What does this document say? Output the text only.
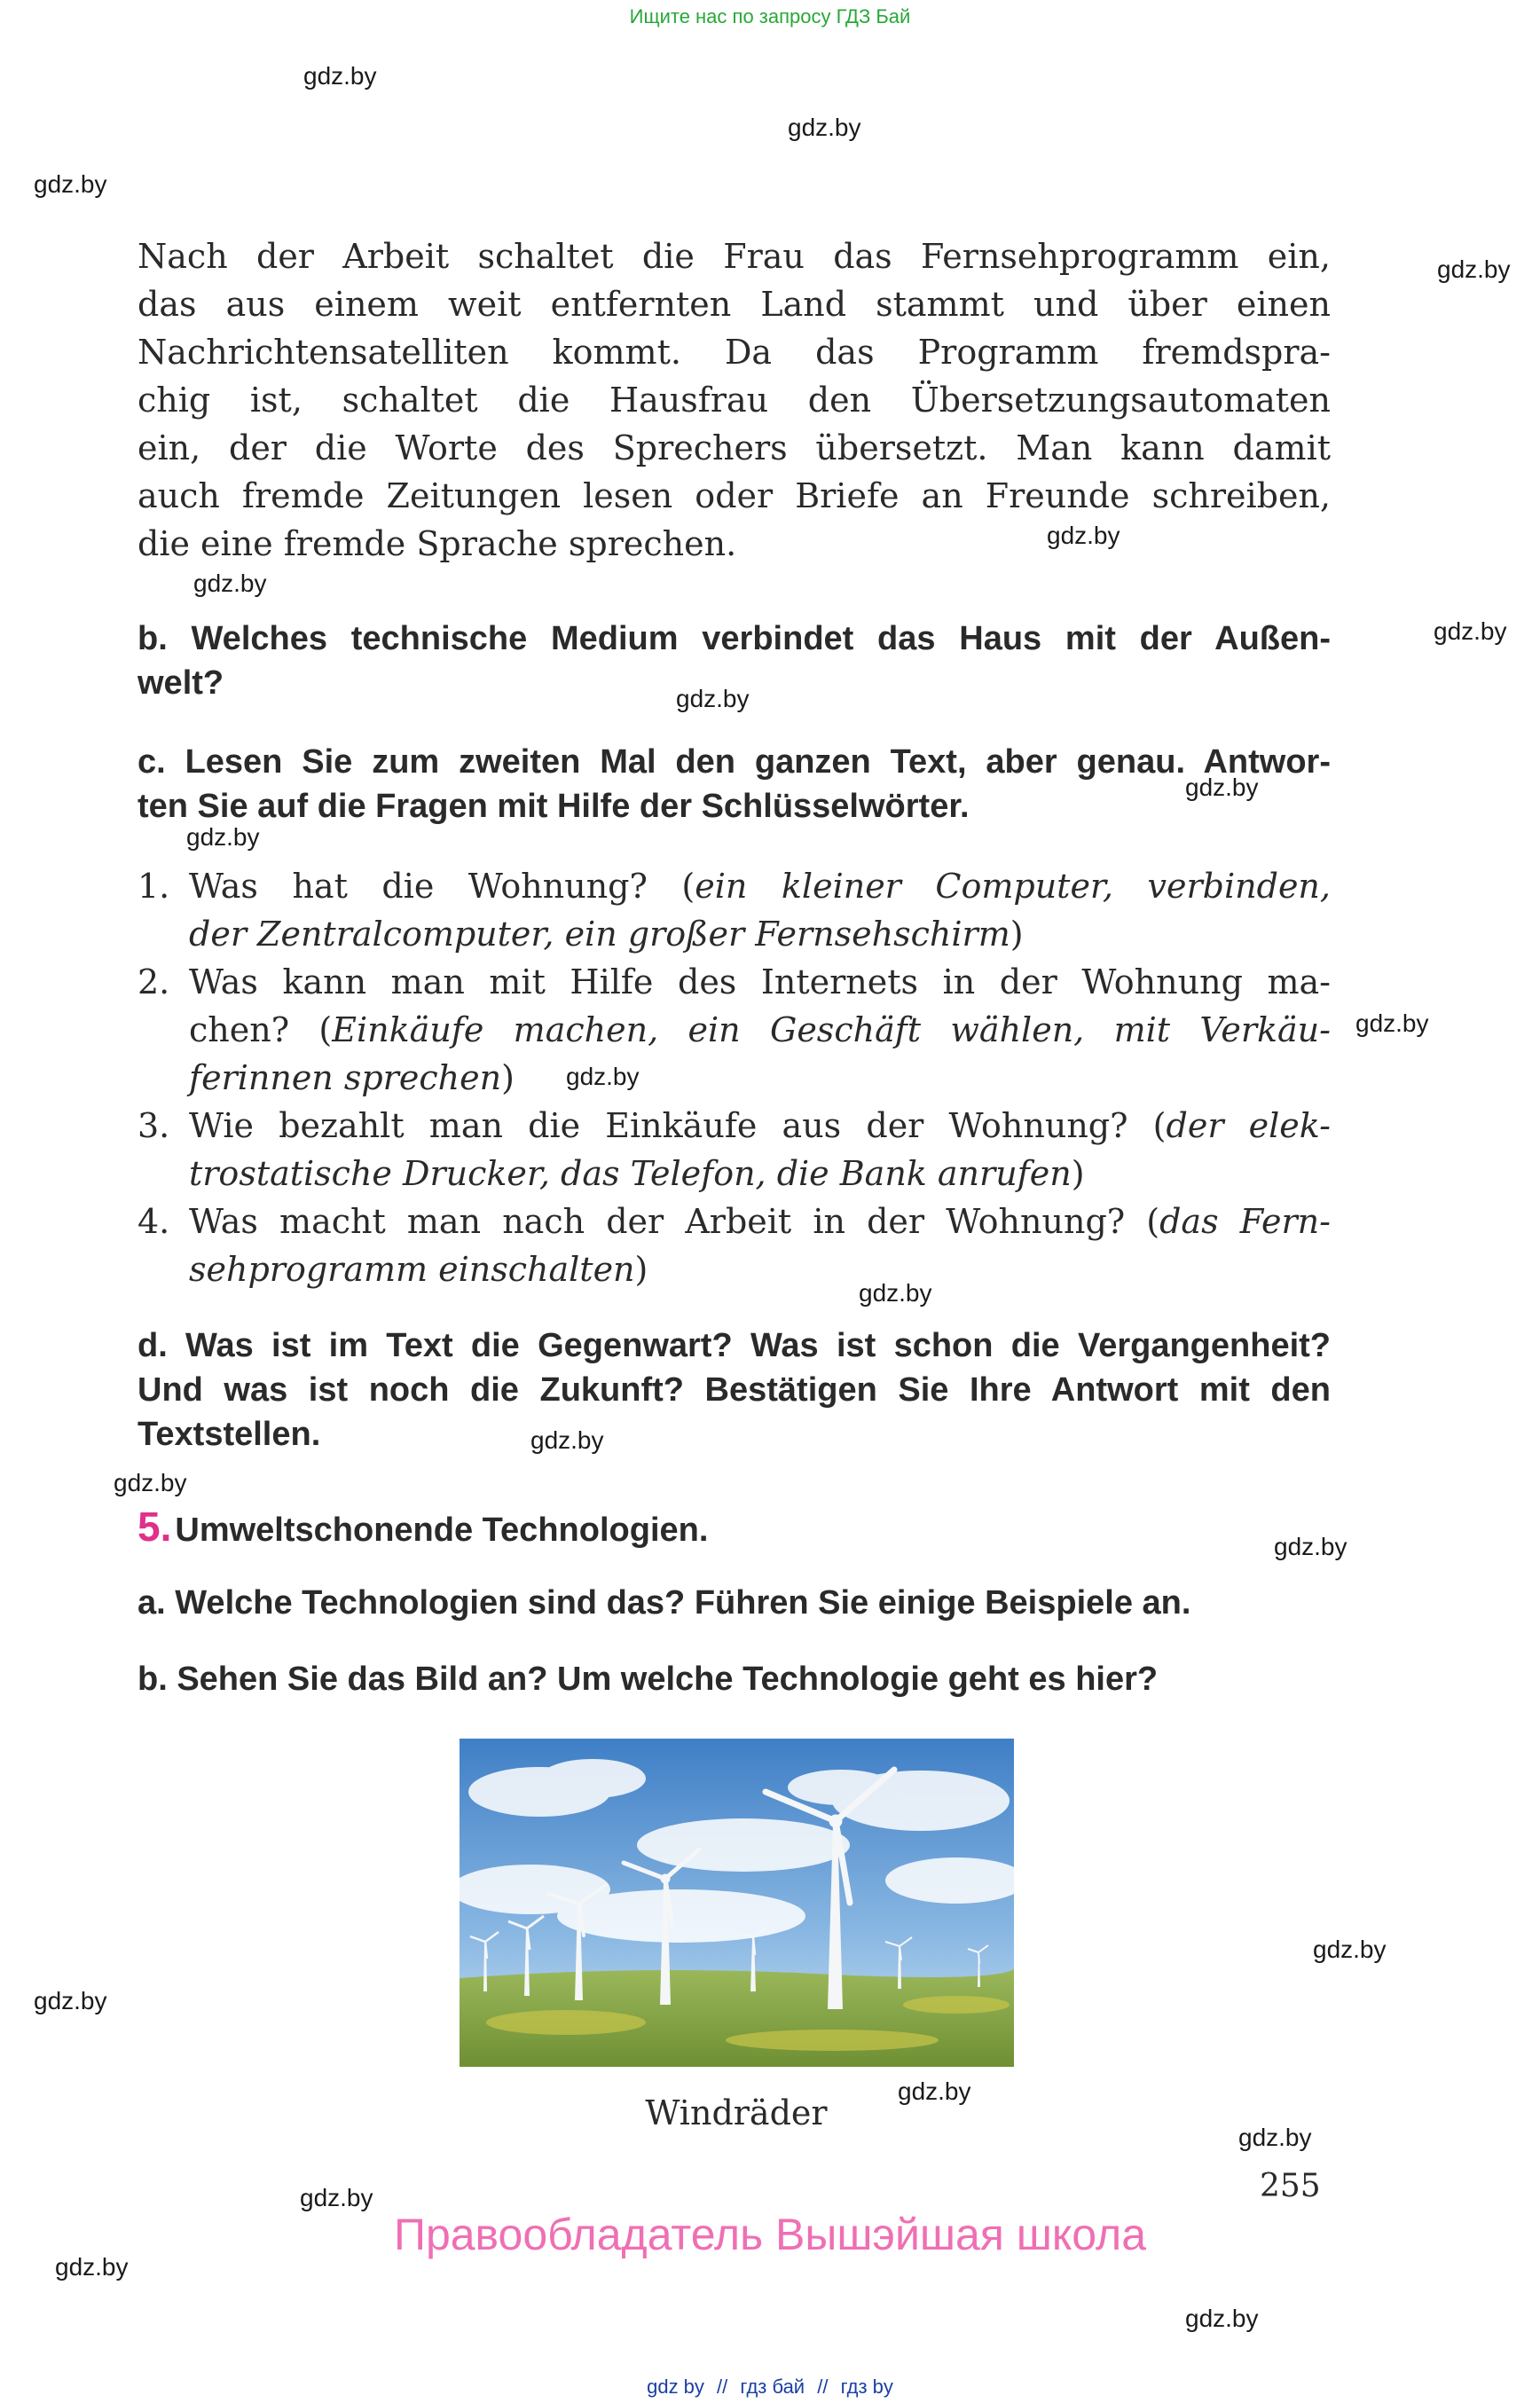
Ищите нас по запросу ГДЗ Бай
gdz.by
gdz.by
gdz.by
gdz.by
gdz.by
gdz.by
gdz.by
gdz.by
gdz.by
gdz.by
gdz.by
gdz.by
gdz.by
gdz.by
gdz.by
gdz.by
gdz.by
gdz.by
gdz.by
gdz.by
gdz.by
gdz.by
gdz.by
Nach der Arbeit schaltet die Frau das Fernsehprogramm ein,
das aus einem weit entfernten Land stammt und über einen
Nachrichtensatelliten kommt. Da das Programm fremdspra-
chig ist, schaltet die Hausfrau den Übersetzungsautomaten
ein, der die Worte des Sprechers übersetzt. Man kann damit
auch fremde Zeitungen lesen oder Briefe an Freunde schreiben,
die eine fremde Sprache sprechen.
b. Welches technische Medium verbindet das Haus mit der Außen-
welt?
c. Lesen Sie zum zweiten Mal den ganzen Text, aber genau. Antwor-
ten Sie auf die Fragen mit Hilfe der Schlüsselwörter.
1. Was hat die Wohnung? (ein kleiner Computer, verbinden,
der Zentralcomputer, ein großer Fernsehschirm)
2. Was kann man mit Hilfe des Internets in der Wohnung ma-
chen? (Einkäufe machen, ein Geschäft wählen, mit Verkäu-
ferinnen sprechen)
3. Wie bezahlt man die Einkäufe aus der Wohnung? (der elek-
trostatische Drucker, das Telefon, die Bank anrufen)
4. Was macht man nach der Arbeit in der Wohnung? (das Fern-
sehprogramm einschalten)
d. Was ist im Text die Gegenwart? Was ist schon die Vergangenheit?
Und was ist noch die Zukunft? Bestätigen Sie Ihre Antwort mit den
Textstellen.
5. Umweltschonende Technologien.
a. Welche Technologien sind das? Führen Sie einige Beispiele an.
b. Sehen Sie das Bild an? Um welche Technologie geht es hier?
Windräder
255
Правообладатель Вышэйшая школа
gdz by // гдз бай // гдз by
